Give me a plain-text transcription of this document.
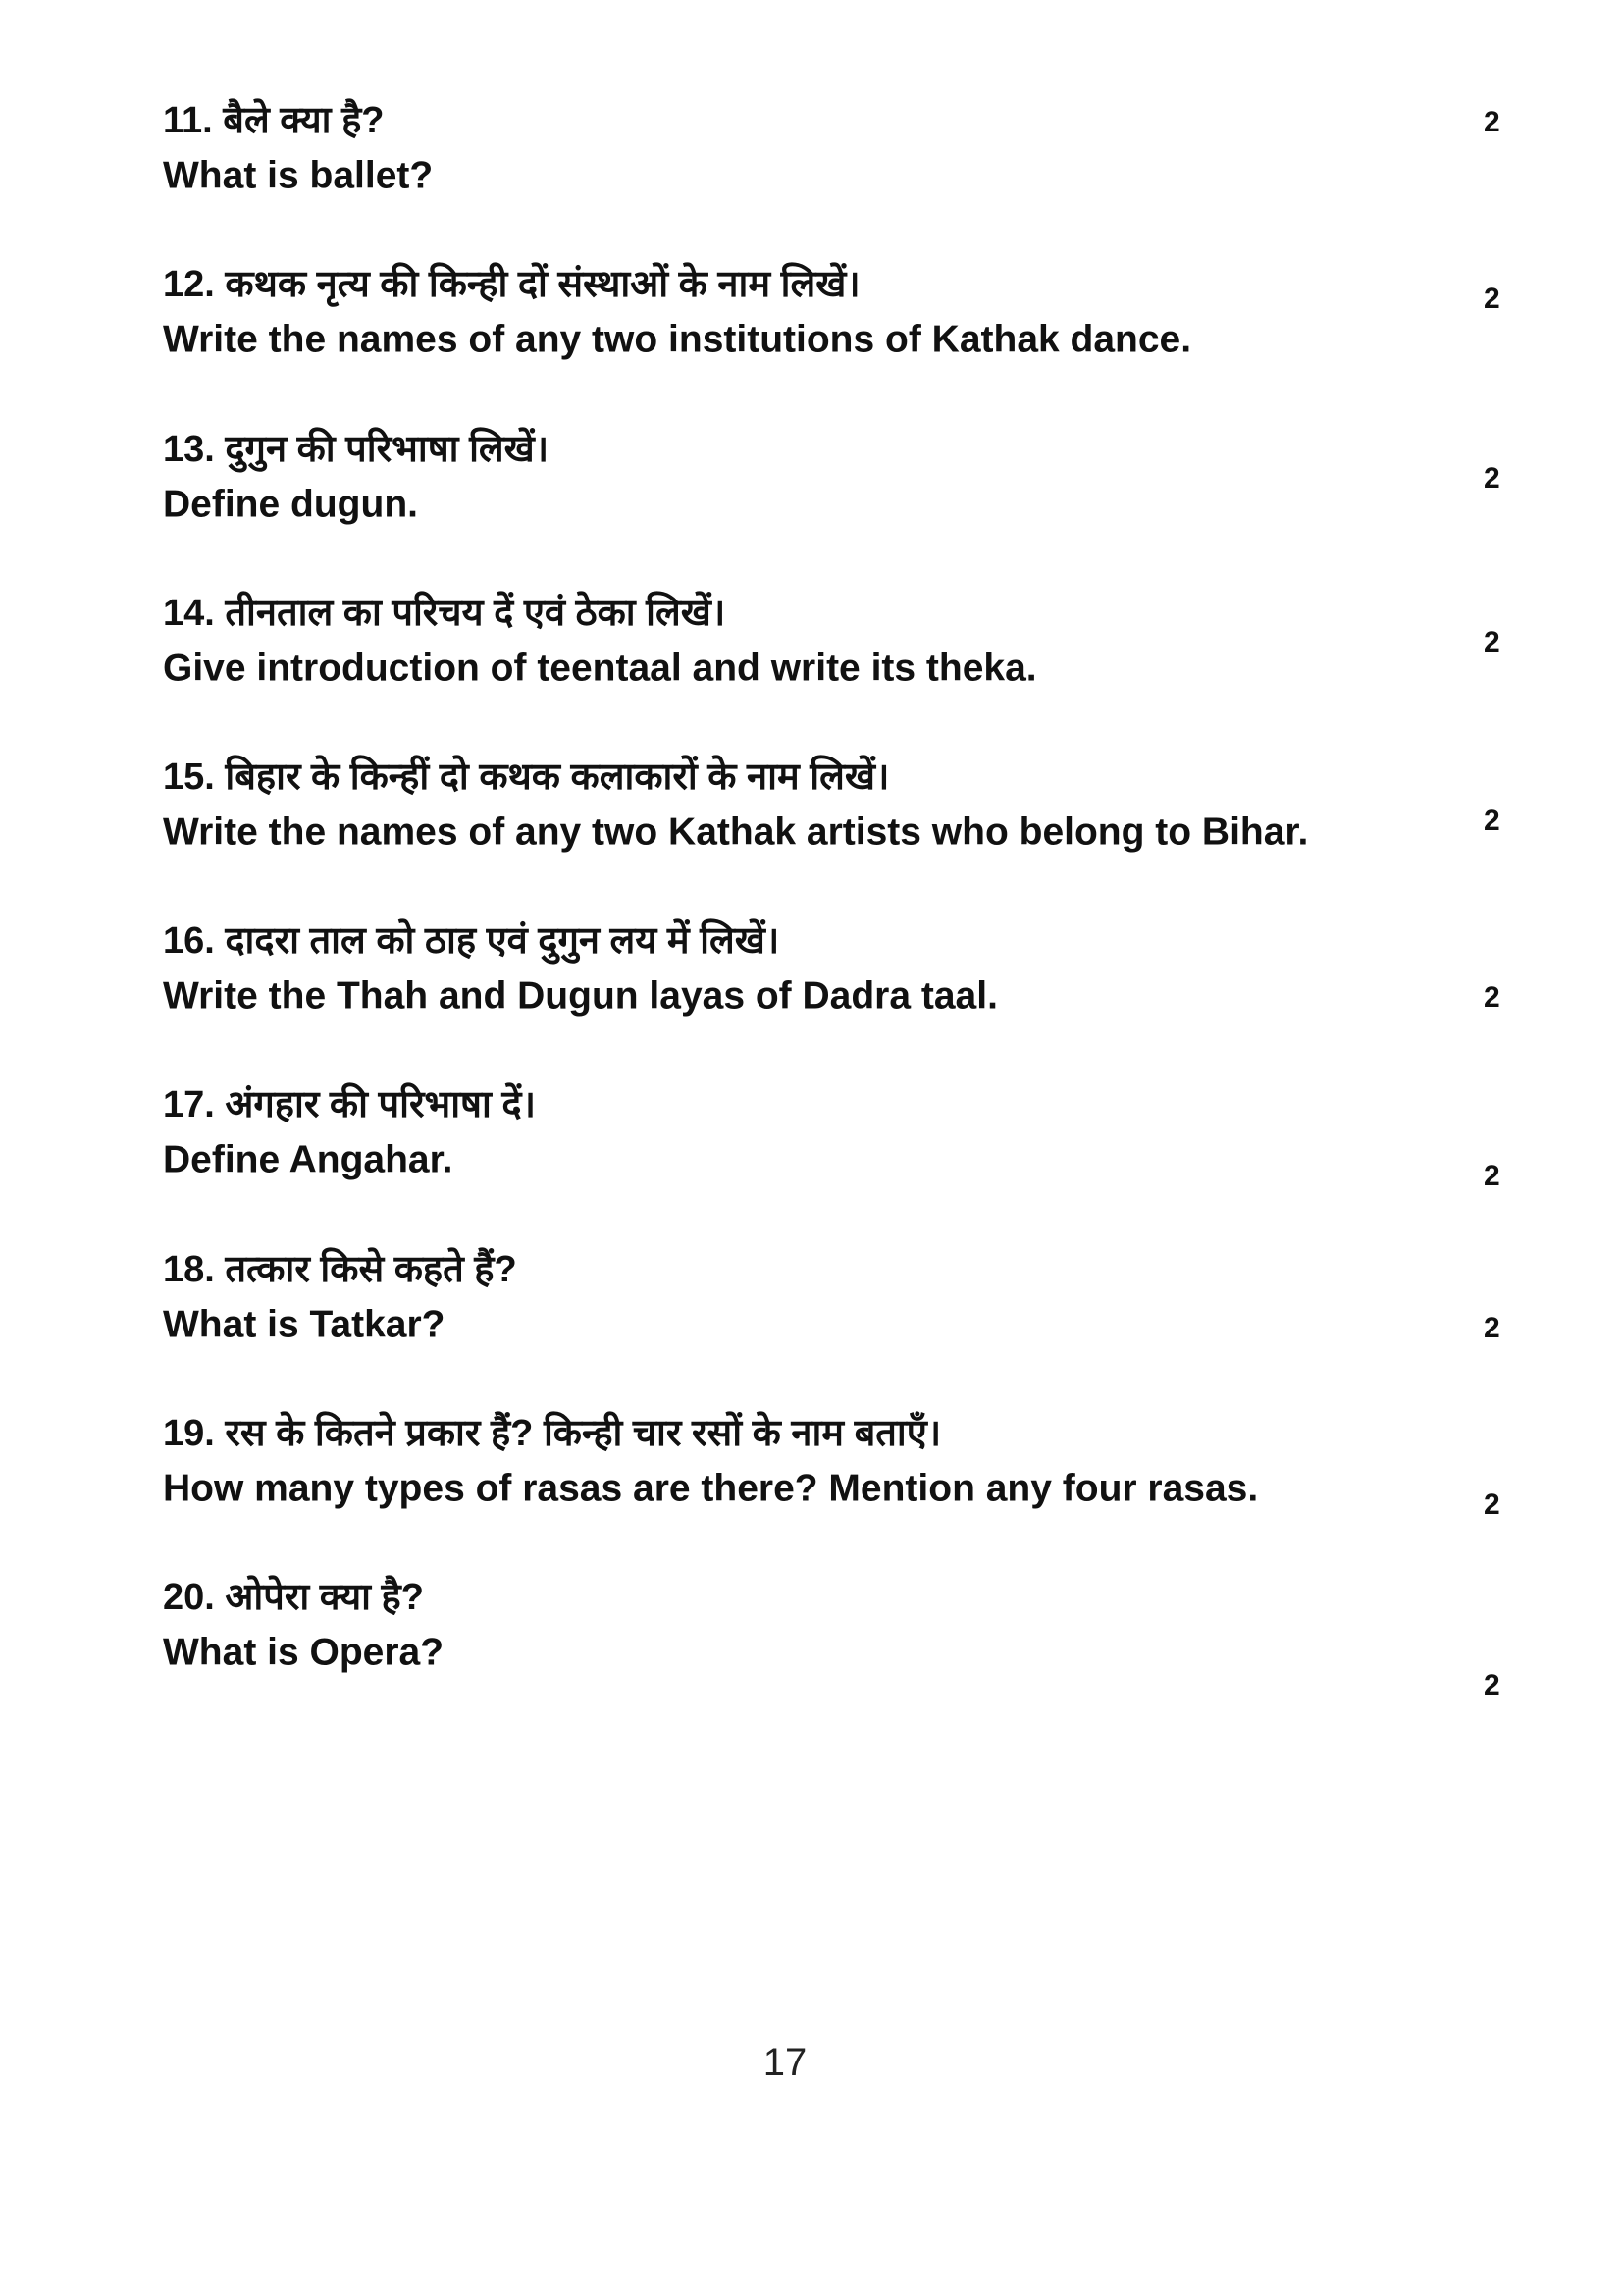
11. बैले क्या है?
What is ballet?
2
12. कथक नृत्य की किन्ही दों संस्थाओं के नाम लिखें।
Write the names of any two institutions of Kathak dance.
2
13. दुगुन की परिभाषा लिखें।
Define dugun.
2
14. तीनताल का परिचय दें एवं ठेका लिखें।
Give introduction of teentaal and write its theka.
2
15. बिहार के किन्हीं दो कथक कलाकारों के नाम लिखें।
Write the names of any two Kathak artists who belong to Bihar.	2
16. दादरा ताल को ठाह एवं दुगुन लय में लिखें।
Write the Thah and Dugun layas of Dadra taal.	2
17. अंगहार की परिभाषा दें।
Define Angahar.	2
18. तत्कार किसे कहते हैं?
What is Tatkar?	2
19. रस के कितने प्रकार हैं? किन्ही चार रसों के नाम बताएँ।
How many types of rasas are there? Mention any four rasas.	2
20. ओपेरा क्या है?
What is Opera?
2
17
